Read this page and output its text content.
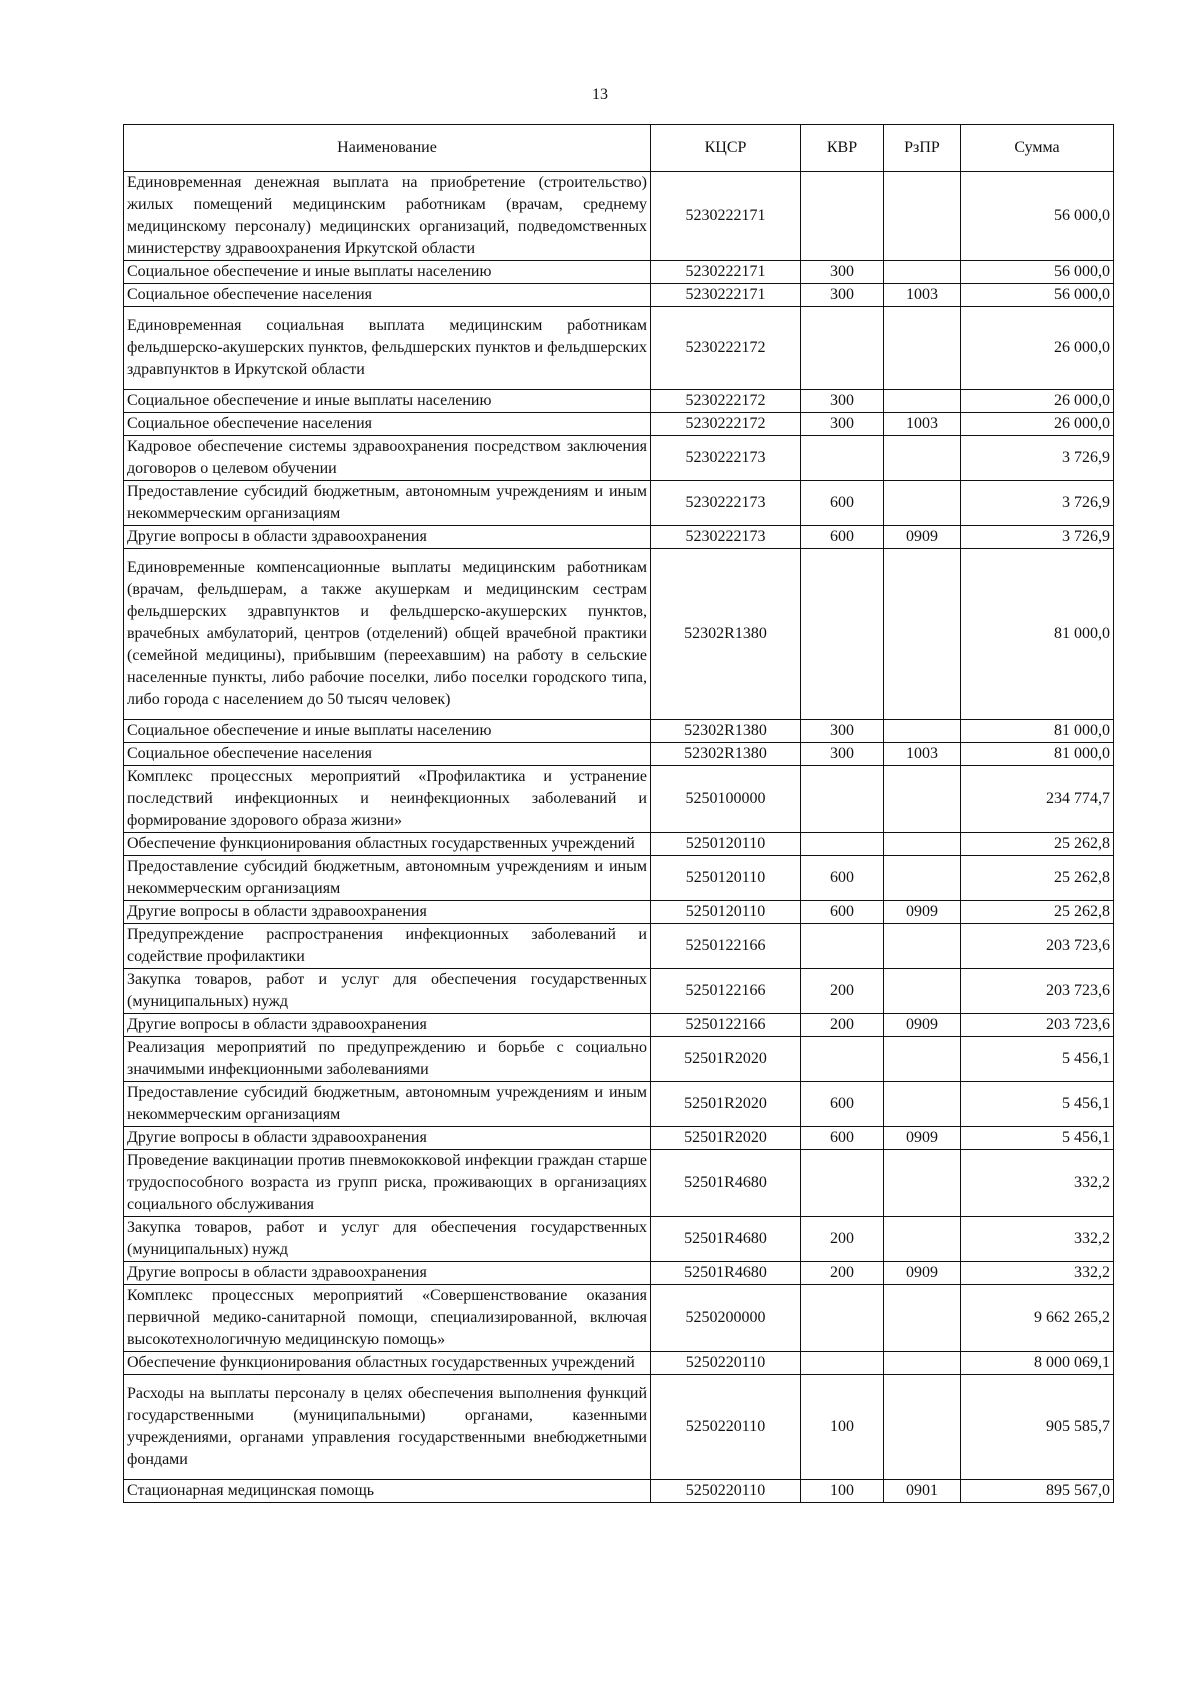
13
Наименование	КЦСР	КВР	РзПР	Сумма
Единовременная денежная выплата на приобретение (строительство) жилых помещений медицинским работникам (врачам, среднему медицинскому персоналу) медицинских организаций, подведомственных министерству здравоохранения Иркутской области	5230222171			56 000,0
Социальное обеспечение и иные выплаты населению	5230222171	300		56 000,0
Социальное обеспечение населения	5230222171	300	1003	56 000,0
Единовременная социальная выплата медицинским работникам фельдшерско-акушерских пунктов, фельдшерских пунктов и фельдшерских здравпунктов в Иркутской области	5230222172			26 000,0
Социальное обеспечение и иные выплаты населению	5230222172	300		26 000,0
Социальное обеспечение населения	5230222172	300	1003	26 000,0
Кадровое обеспечение системы здравоохранения посредством заключения договоров о целевом обучении	5230222173			3 726,9
Предоставление субсидий бюджетным, автономным учреждениям и иным некоммерческим организациям	5230222173	600		3 726,9
Другие вопросы в области здравоохранения	5230222173	600	0909	3 726,9
Единовременные компенсационные выплаты медицинским работникам (врачам, фельдшерам, а также акушеркам и медицинским сестрам фельдшерских здравпунктов и фельдшерско-акушерских пунктов, врачебных амбулаторий, центров (отделений) общей врачебной практики (семейной медицины), прибывшим (переехавшим) на работу в сельские населенные пункты, либо рабочие поселки, либо поселки городского типа, либо города с населением до 50 тысяч человек)	52302R1380			81 000,0
Социальное обеспечение и иные выплаты населению	52302R1380	300		81 000,0
Социальное обеспечение населения	52302R1380	300	1003	81 000,0
Комплекс процессных мероприятий «Профилактика и устранение последствий инфекционных и неинфекционных заболеваний и формирование здорового образа жизни»	5250100000			234 774,7
Обеспечение функционирования областных государственных учреждений	5250120110			25 262,8
Предоставление субсидий бюджетным, автономным учреждениям и иным некоммерческим организациям	5250120110	600		25 262,8
Другие вопросы в области здравоохранения	5250120110	600	0909	25 262,8
Предупреждение распространения инфекционных заболеваний и содействие профилактики	5250122166			203 723,6
Закупка товаров, работ и услуг для обеспечения государственных (муниципальных) нужд	5250122166	200		203 723,6
Другие вопросы в области здравоохранения	5250122166	200	0909	203 723,6
Реализация мероприятий по предупреждению и борьбе с социально значимыми инфекционными заболеваниями	52501R2020			5 456,1
Предоставление субсидий бюджетным, автономным учреждениям и иным некоммерческим организациям	52501R2020	600		5 456,1
Другие вопросы в области здравоохранения	52501R2020	600	0909	5 456,1
Проведение вакцинации против пневмококковой инфекции граждан старше трудоспособного возраста из групп риска, проживающих в организациях социального обслуживания	52501R4680			332,2
Закупка товаров, работ и услуг для обеспечения государственных (муниципальных) нужд	52501R4680	200		332,2
Другие вопросы в области здравоохранения	52501R4680	200	0909	332,2
Комплекс процессных мероприятий «Совершенствование оказания первичной медико-санитарной помощи, специализированной, включая высокотехнологичную медицинскую помощь»	5250200000			9 662 265,2
Обеспечение функционирования областных государственных учреждений	5250220110			8 000 069,1
Расходы на выплаты персоналу в целях обеспечения выполнения функций государственными (муниципальными) органами, казенными учреждениями, органами управления государственными внебюджетными фондами	5250220110	100		905 585,7
Стационарная медицинская помощь	5250220110	100	0901	895 567,0
